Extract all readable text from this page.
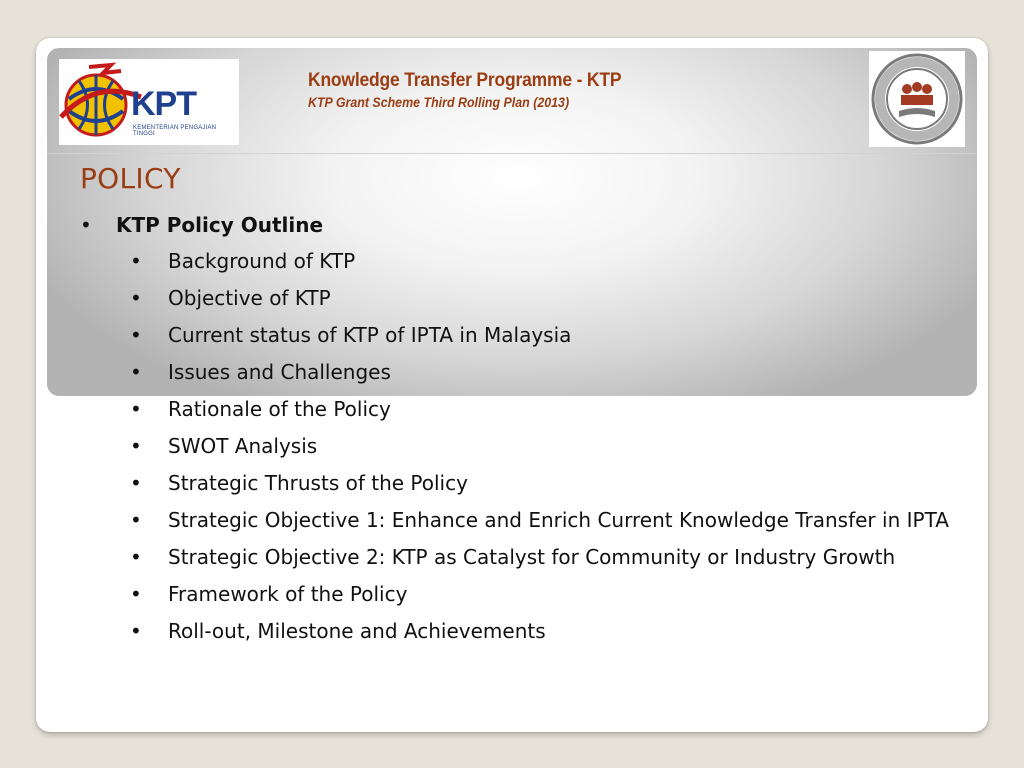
KPT
KEMENTERIAN PENGAJIAN TINGGI
Knowledge Transfer Programme - KTP
KTP Grant Scheme Third Rolling Plan (2013)
POLICY
• KTP Policy Outline
• Background of KTP
• Objective of KTP
• Current status of KTP of IPTA in Malaysia
• Issues and Challenges
• Rationale of the Policy
• SWOT Analysis
• Strategic Thrusts of the Policy
• Strategic Objective 1: Enhance and Enrich Current Knowledge Transfer in IPTA
• Strategic Objective 2: KTP as Catalyst for Community or Industry Growth
• Framework of the Policy
• Roll-out, Milestone and Achievements
